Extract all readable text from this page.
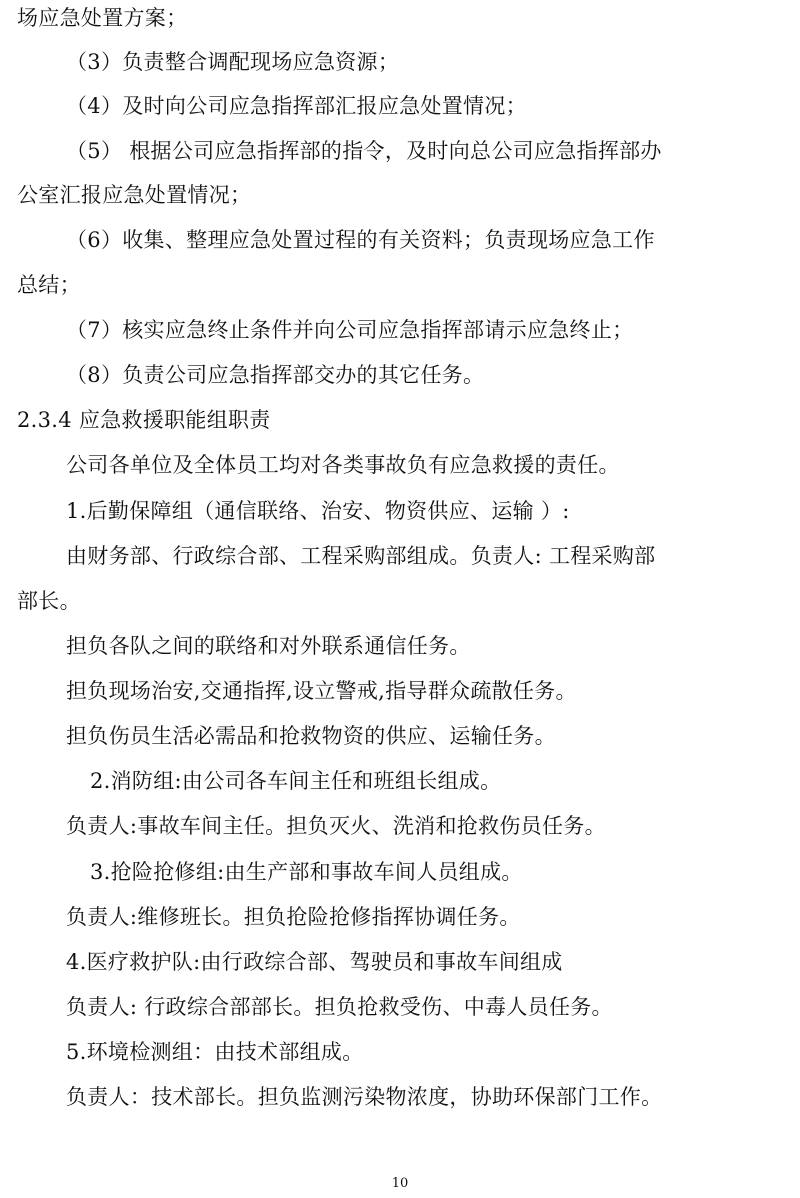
场应急处置方案；
（3）负责整合调配现场应急资源；
（4）及时向公司应急指挥部汇报应急处置情况；
（5） 根据公司应急指挥部的指令，及时向总公司应急指挥部办
公室汇报应急处置情况；
（6）收集、整理应急处置过程的有关资料；负责现场应急工作
总结；
（7）核实应急终止条件并向公司应急指挥部请示应急终止；
（8）负责公司应急指挥部交办的其它任务。
2.3.4 应急救援职能组职责
公司各单位及全体员工均对各类事故负有应急救援的责任。
1.后勤保障组（通信联络、治安、物资供应、运输 ）:
由财务部、行政综合部、工程采购部组成。负责人: 工程采购部
部长。
担负各队之间的联络和对外联系通信任务。
担负现场治安,交通指挥,设立警戒,指导群众疏散任务。
担负伤员生活必需品和抢救物资的供应、运输任务。
2.消防组:由公司各车间主任和班组长组成。
负责人:事故车间主任。担负灭火、洗消和抢救伤员任务。
3.抢险抢修组:由生产部和事故车间人员组成。
负责人:维修班长。担负抢险抢修指挥协调任务。
4.医疗救护队:由行政综合部、驾驶员和事故车间组成
负责人: 行政综合部部长。担负抢救受伤、中毒人员任务。
5.环境检测组：由技术部组成。
负责人：技术部长。担负监测污染物浓度，协助环保部门工作。
10
